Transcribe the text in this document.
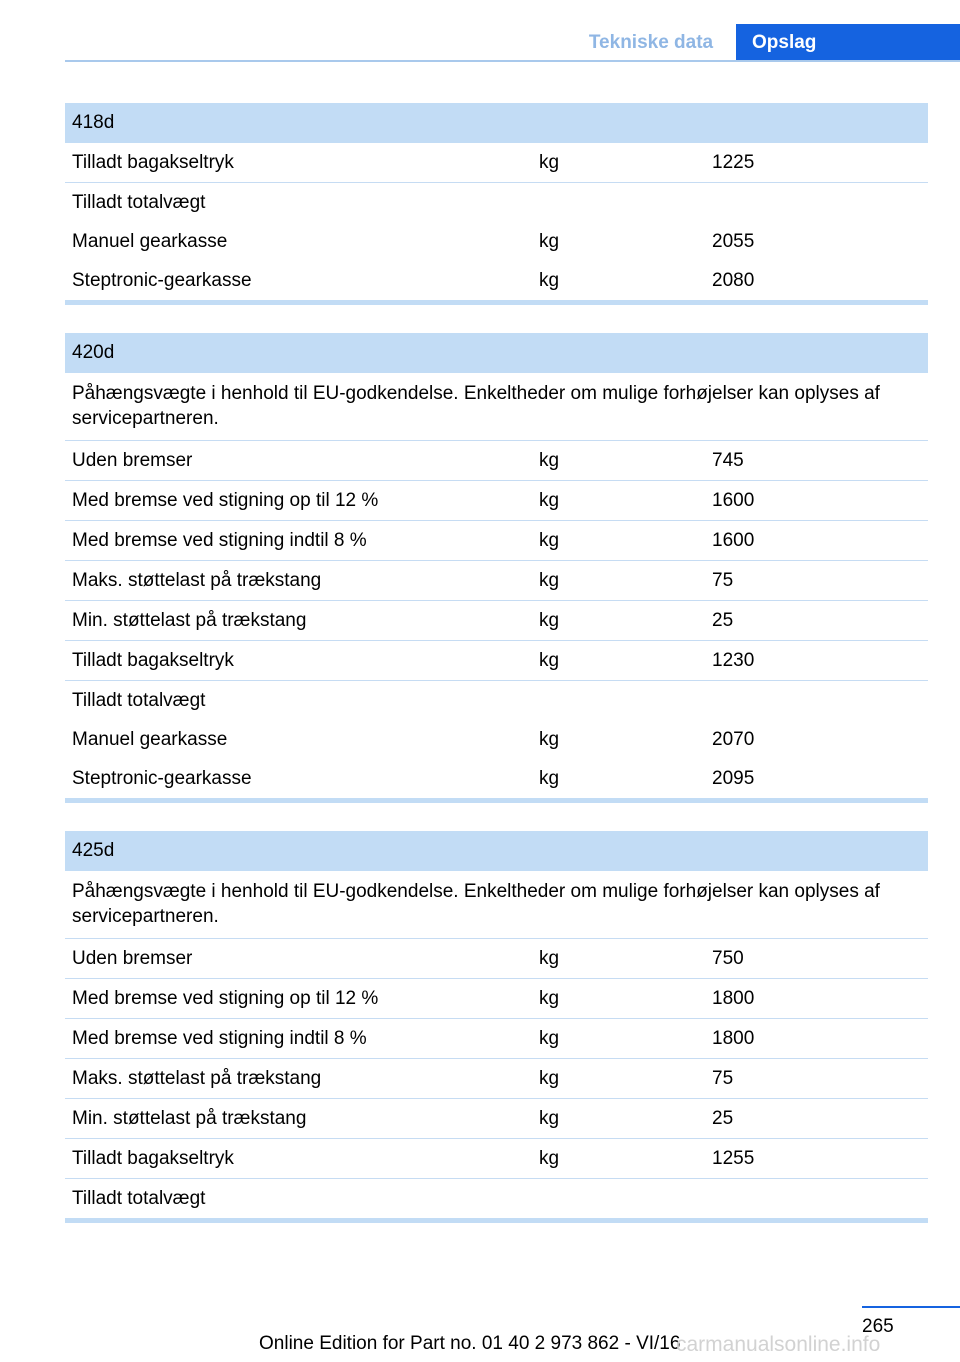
Tekniske data	Opslag
418d
Tilladt bagakseltryk	kg	1225
Tilladt totalvægt
Manuel gearkasse	kg	2055
Steptronic-gearkasse	kg	2080
420d
Påhængsvægte i henhold til EU-godkendelse. Enkeltheder om mulige forhøjelser kan oplyses af servicepartneren.
Uden bremser	kg	745
Med bremse ved stigning op til 12 %	kg	1600
Med bremse ved stigning indtil 8 %	kg	1600
Maks. støttelast på trækstang	kg	75
Min. støttelast på trækstang	kg	25
Tilladt bagakseltryk	kg	1230
Tilladt totalvægt
Manuel gearkasse	kg	2070
Steptronic-gearkasse	kg	2095
425d
Påhængsvægte i henhold til EU-godkendelse. Enkeltheder om mulige forhøjelser kan oplyses af servicepartneren.
Uden bremser	kg	750
Med bremse ved stigning op til 12 %	kg	1800
Med bremse ved stigning indtil 8 %	kg	1800
Maks. støttelast på trækstang	kg	75
Min. støttelast på trækstang	kg	25
Tilladt bagakseltryk	kg	1255
Tilladt totalvægt
265
Online Edition for Part no. 01 40 2 973 862 - VI/16
carmanualsonline.info
